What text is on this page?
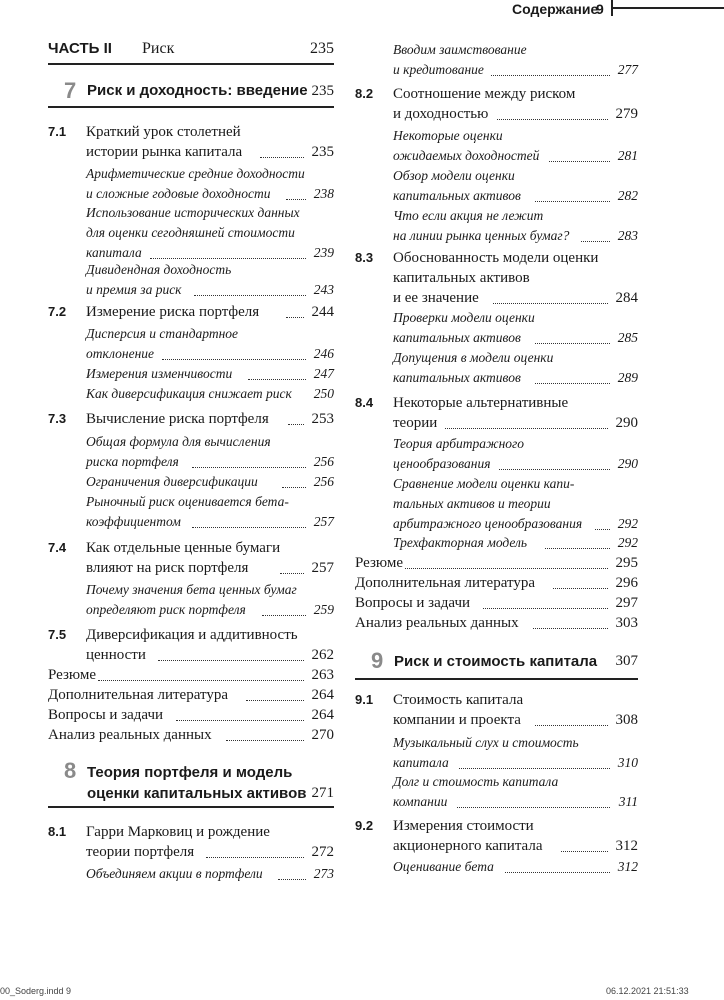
Содержание
9
ЧАСТЬ II Риск	235
7 Риск и доходность: введение 235
7.1 Краткий урок столетней
истории рынка капитала	235
Арифметические средние доходности
и сложные годовые доходности	238
Использование исторических данных
для оценки сегодняшней стоимости
капитала	239
Дивидендная доходность
и премия за риск	243
7.2 Измерение риска портфеля	244
Дисперсия и стандартное
отклонение	246
Измерения изменчивости	247
Как диверсификация снижает риск 250
7.3 Вычисление риска портфеля	253
Общая формула для вычисления
риска портфеля	256
Ограничения диверсификации	256
Рыночный риск оценивается бета-
коэффициентом	257
7.4 Как отдельные ценные бумаги
влияют на риск портфеля	257
Почему значения бета ценных бумаг
определяют риск портфеля	259
7.5 Диверсификация и аддитивность
ценности	262
Резюме	263
Дополнительная литература	264
Вопросы и задачи	264
Анализ реальных данных	270
8 Теория портфеля и модель
оценки капитальных активов 271
8.1 Гарри Марковиц и рождение
теории портфеля	272
Объединяем акции в портфели	273
Вводим заимствование
и кредитование	277
8.2 Соотношение между риском
и доходностью	279
Некоторые оценки
ожидаемых доходностей	281
Обзор модели оценки
капитальных активов	282
Что если акция не лежит
на линии рынка ценных бумаг?	283
8.3 Обоснованность модели оценки
капитальных активов
и ее значение	284
Проверки модели оценки
капитальных активов	285
Допущения в модели оценки
капитальных активов	289
8.4 Некоторые альтернативные
теории	290
Теория арбитражного
ценообразования	290
Сравнение модели оценки капи-
тальных активов и теории
арбитражного ценообразования	292
Трехфакторная модель	292
Резюме	295
Дополнительная литература	296
Вопросы и задачи	297
Анализ реальных данных	303
9 Риск и стоимость капитала 307
9.1 Стоимость капитала
компании и проекта	308
Музыкальный слух и стоимость
капитала	310
Долг и стоимость капитала
компании	311
9.2 Измерения стоимости
акционерного капитала	312
Оценивание бета	312
00_Soderg.indd 9	06.12.2021 21:51:33
